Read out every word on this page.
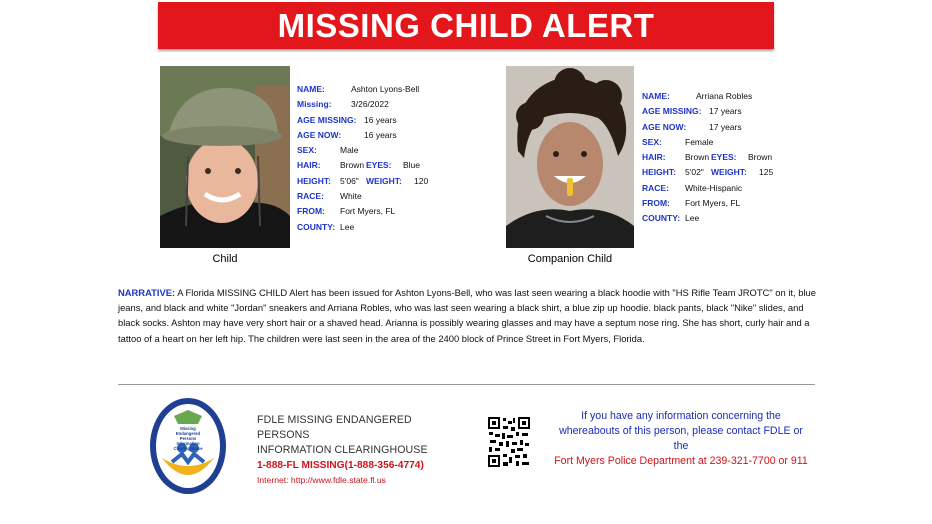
MISSING CHILD ALERT
Child
NAME:	Ashton Lyons-Bell
Missing:	3/26/2022
AGE MISSING: 16 years
AGE NOW:	16 years
SEX:	Male
HAIR:	Brown EYES:	Blue
HEIGHT:	5'06" WEIGHT:	120
RACE:	White
FROM:	Fort Myers, FL
COUNTY: Lee
Companion Child
NAME:	Arriana Robles
AGE MISSING: 17 years
AGE NOW:	17 years
SEX:	Female
HAIR:	Brown EYES:	Brown
HEIGHT:	5'02" WEIGHT:	125
RACE:	White-Hispanic
FROM:	Fort Myers, FL
COUNTY: Lee
NARRATIVE: A Florida MISSING CHILD Alert has been issued for Ashton Lyons-Bell, who was last seen wearing a black hoodie with "HS Rifle Team JROTC" on it, blue jeans, and black and white "Jordan" sneakers and Arriana Robles, who was last seen wearing a black shirt, a blue zip up hoodie. black pants, black "Nike" slides, and black socks. Ashton may have very short hair or a shaved head. Arianna is possibly wearing glasses and may have a septum nose ring. She has short, curly hair and a tattoo of a heart on her left hip. The children were last seen in the area of the 2400 block of Prince Street in Fort Myers, Florida.
Missing Endangered Persons Information Clearinghouse
FDLE MISSING ENDANGERED PERSONS
INFORMATION CLEARINGHOUSE
1-888-FL MISSING(1-888-356-4774)
Internet: http://www.fdle.state.fl.us
If you have any information concerning the
whereabouts of this person, please contact FDLE or
the
Fort Myers Police Department at 239-321-7700 or 911
